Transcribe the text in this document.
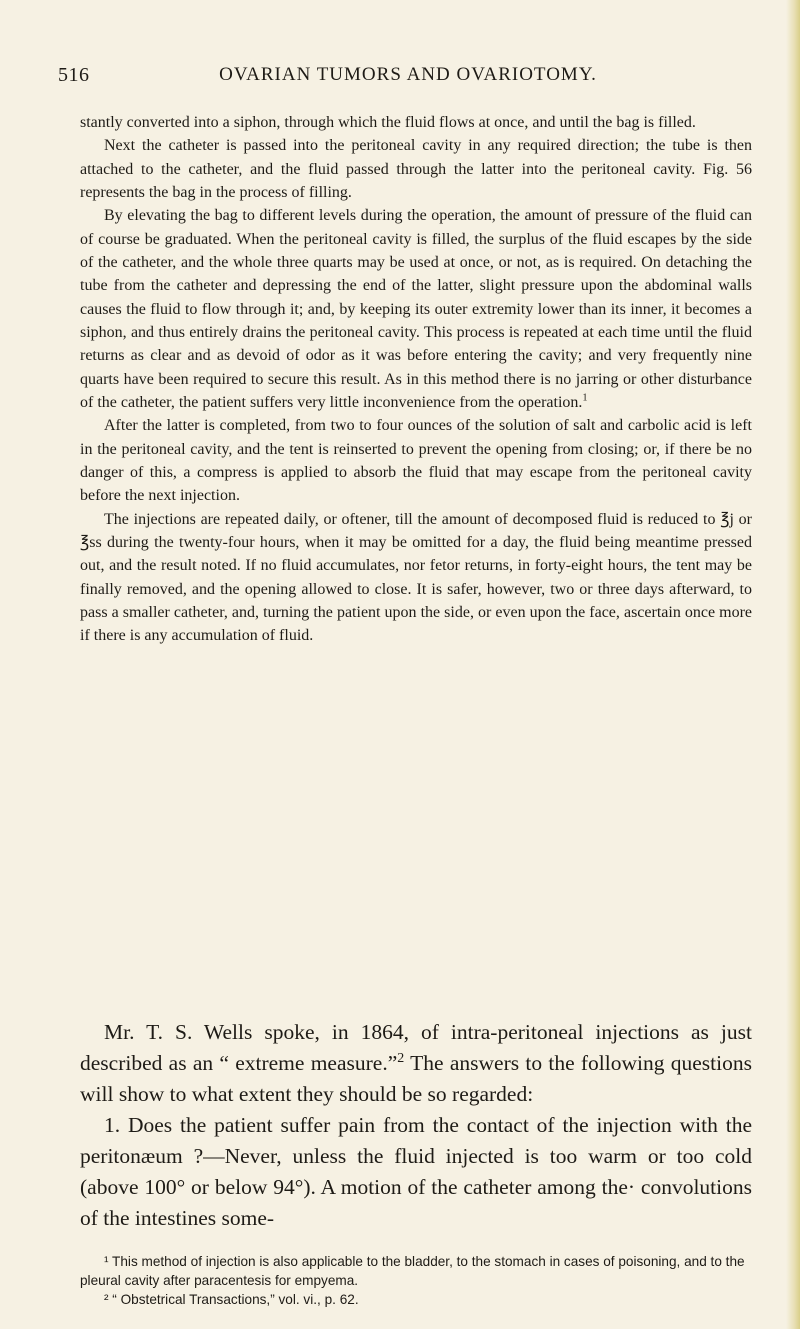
516	OVARIAN TUMORS AND OVARIOTOMY.

stantly converted into a siphon, through which the fluid flows at once, and until the bag is filled.

Next the catheter is passed into the peritoneal cavity in any required direction; the tube is then attached to the catheter, and the fluid passed through the latter into the peritoneal cavity. Fig. 56 represents the bag in the process of filling.

By elevating the bag to different levels during the operation, the amount of pressure of the fluid can of course be graduated. When the peritoneal cavity is filled, the surplus of the fluid escapes by the side of the catheter, and the whole three quarts may be used at once, or not, as is required. On detaching the tube from the catheter and depressing the end of the latter, slight pressure upon the abdominal walls causes the fluid to flow through it; and, by keeping its outer extremity lower than its inner, it becomes a siphon, and thus entirely drains the peritoneal cavity. This process is repeated at each time until the fluid returns as clear and as devoid of odor as it was before entering the cavity; and very frequently nine quarts have been required to secure this result. As in this method there is no jarring or other disturbance of the catheter, the patient suffers very little inconvenience from the operation.$^1$

After the latter is completed, from two to four ounces of the solution of salt and carbolic acid is left in the peritoneal cavity, and the tent is reinserted to prevent the opening from closing; or, if there be no danger of this, a compress is applied to absorb the fluid that may escape from the peritoneal cavity before the next injection.

The injections are repeated daily, or oftener, till the amount of decomposed fluid is reduced to ℥j or ℥ss during the twenty-four hours, when it may be omitted for a day, the fluid being meantime pressed out, and the result noted. If no fluid accumulates, nor fetor returns, in forty-eight hours, the tent may be finally removed, and the opening allowed to close. It is safer, however, two or three days afterward, to pass a smaller catheter, and, turning the patient upon the side, or even upon the face, ascertain once more if there is any accumulation of fluid.

Mr. T. S. Wells spoke, in 1864, of intra-peritoneal injections as just described as an “ extreme measure.”$^2$ The answers to the following questions will show to what extent they should be so regarded:

1. Does the patient suffer pain from the contact of the injection with the peritonæum ?—Never, unless the fluid injected is too warm or too cold (above 100° or below 94°). A motion of the catheter among the· convolutions of the intestines some-

¹ This method of injection is also applicable to the bladder, to the stomach in cases of poisoning, and to the pleural cavity after paracentesis for empyema.

² “ Obstetrical Transactions,” vol. vi., p. 62.
